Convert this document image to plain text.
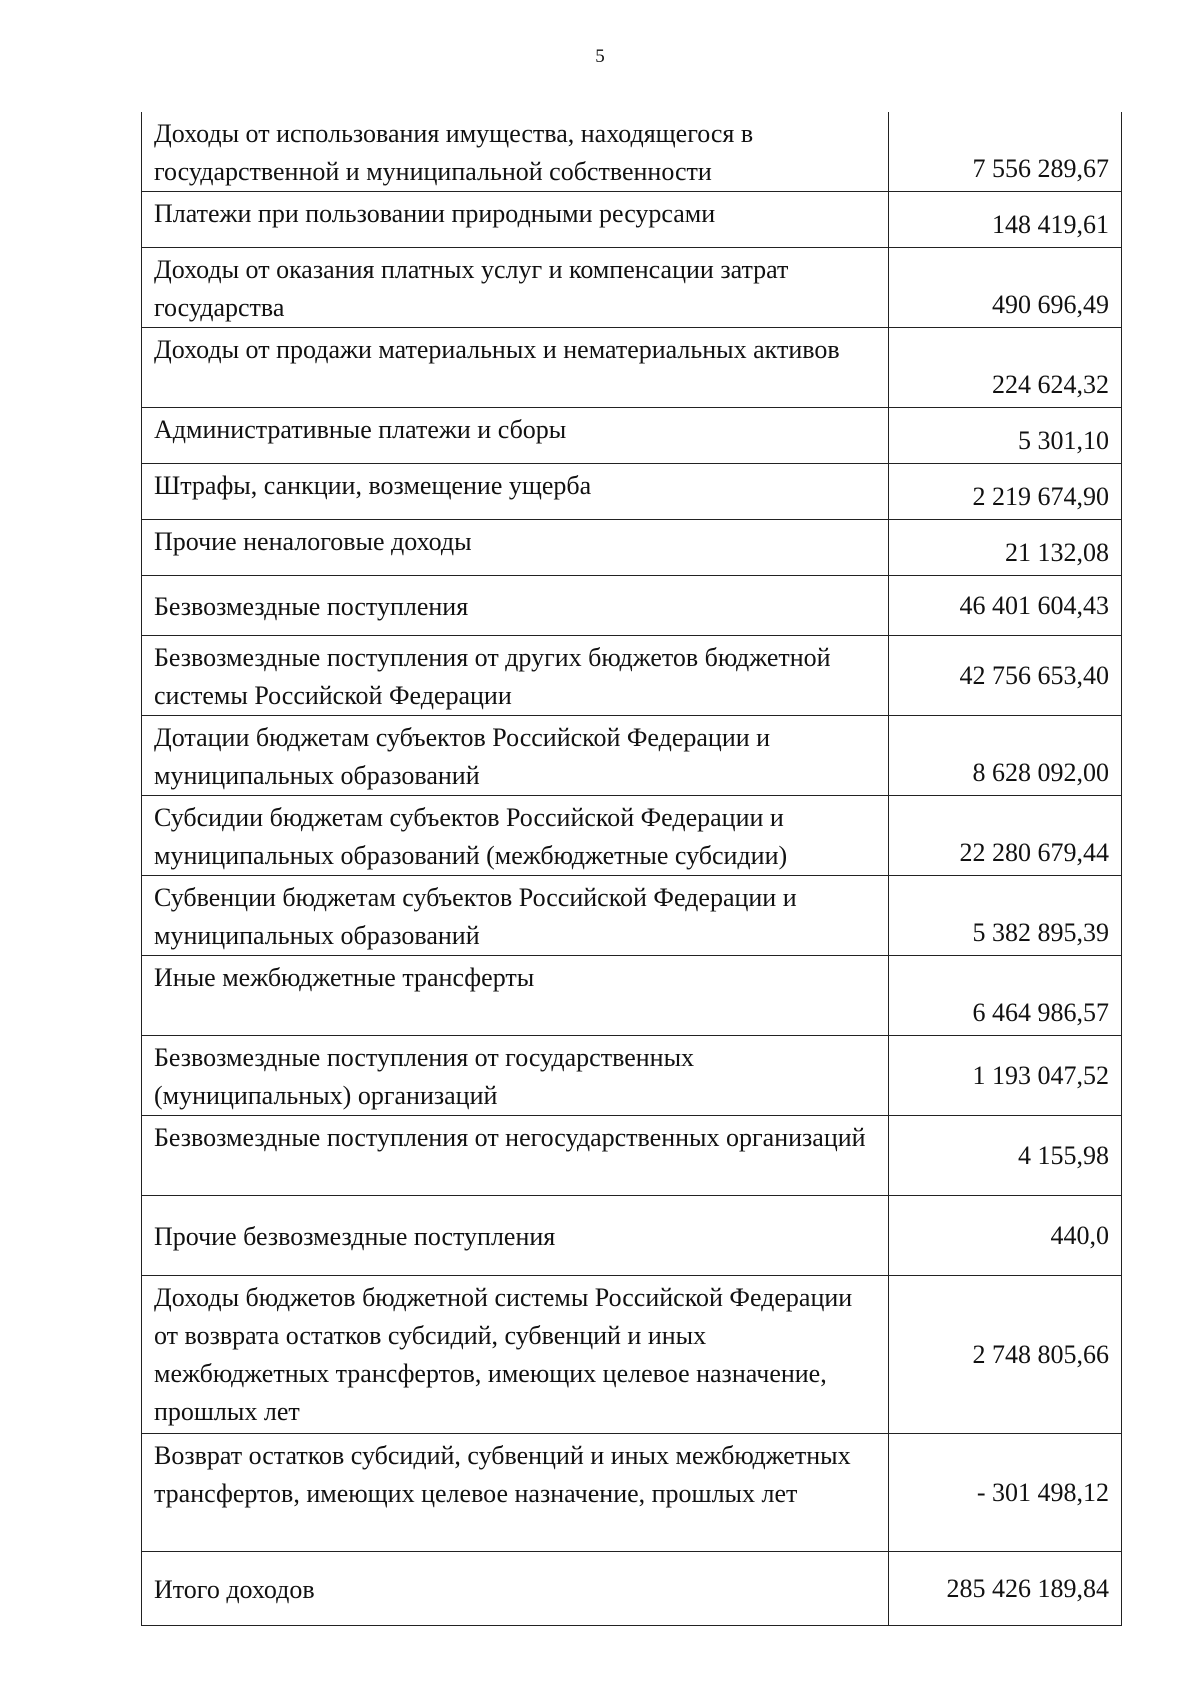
5
Доходы от использования имущества, находящегося в государственной и муниципальной собственности	7 556 289,67
Платежи при пользовании природными ресурсами	148 419,61
Доходы от оказания платных услуг и компенсации затрат государства	490 696,49
Доходы от продажи материальных и нематериальных активов	224 624,32
Административные платежи и сборы	5 301,10
Штрафы, санкции, возмещение ущерба	2 219 674,90
Прочие неналоговые доходы	21 132,08
Безвозмездные поступления	46 401 604,43
Безвозмездные поступления от других бюджетов бюджетной системы Российской Федерации	42 756 653,40
Дотации бюджетам субъектов Российской Федерации и муниципальных образований	8 628 092,00
Субсидии бюджетам субъектов Российской Федерации и муниципальных образований (межбюджетные субсидии)	22 280 679,44
Субвенции бюджетам субъектов Российской Федерации и муниципальных образований	5 382 895,39
Иные межбюджетные трансферты	6 464 986,57
Безвозмездные поступления от государственных (муниципальных) организаций	1 193 047,52
Безвозмездные поступления от негосударственных организаций	4 155,98
Прочие безвозмездные поступления	440,0
Доходы бюджетов бюджетной системы Российской Федерации от возврата остатков субсидий, субвенций и иных межбюджетных трансфертов, имеющих целевое назначение, прошлых лет	2 748 805,66
Возврат остатков субсидий, субвенций и иных межбюджетных трансфертов, имеющих целевое назначение, прошлых лет	- 301 498,12
Итого доходов	285 426 189,84
